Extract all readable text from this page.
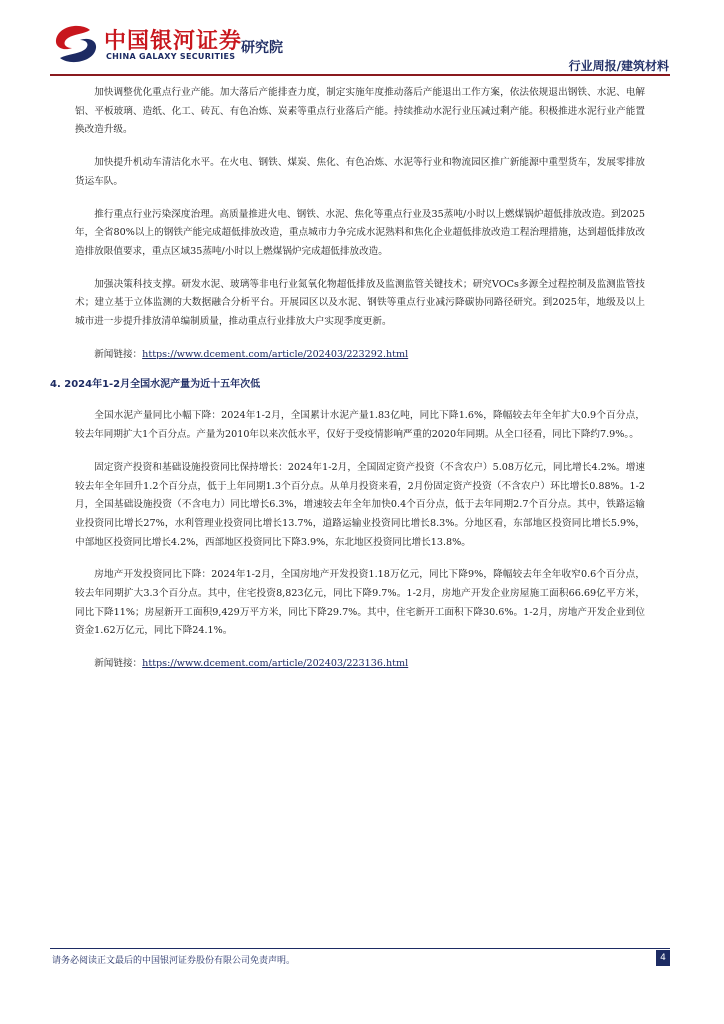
中国银河证券
CHINA GALAXY SECURITIES
研究院
行业周报/建筑材料

加快调整优化重点行业产能。加大落后产能排查力度，制定实施年度推动落后产能退出工作方案，依法依规退出钢铁、水泥、电解铝、平板玻璃、造纸、化工、砖瓦、有色冶炼、炭素等重点行业落后产能。持续推动水泥行业压减过剩产能。积极推进水泥行业产能置换改造升级。

加快提升机动车清洁化水平。在火电、钢铁、煤炭、焦化、有色冶炼、水泥等行业和物流园区推广新能源中重型货车，发展零排放货运车队。

推行重点行业污染深度治理。高质量推进火电、钢铁、水泥、焦化等重点行业及35蒸吨/小时以上燃煤锅炉超低排放改造。到2025年，全省80%以上的钢铁产能完成超低排放改造，重点城市力争完成水泥熟料和焦化企业超低排放改造工程治理措施，达到超低排放改造排放限值要求，重点区域35蒸吨/小时以上燃煤锅炉完成超低排放改造。

加强决策科技支撑。研发水泥、玻璃等非电行业氮氧化物超低排放及监测监管关键技术；研究VOCs多源全过程控制及监测监管技术；建立基于立体监测的大数据融合分析平台。开展园区以及水泥、钢铁等重点行业减污降碳协同路径研究。到2025年，地级及以上城市进一步提升排放清单编制质量，推动重点行业排放大户实现季度更新。

新闻链接：https://www.dcement.com/article/202403/223292.html

4. 2024年1-2月全国水泥产量为近十五年次低

全国水泥产量同比小幅下降：2024年1-2月，全国累计水泥产量1.83亿吨，同比下降1.6%，降幅较去年全年扩大0.9个百分点，较去年同期扩大1个百分点。产量为2010年以来次低水平，仅好于受疫情影响严重的2020年同期。从全口径看，同比下降约7.9%。。

固定资产投资和基础设施投资同比保持增长：2024年1-2月，全国固定资产投资（不含农户）5.08万亿元，同比增长4.2%。增速较去年全年回升1.2个百分点，低于上年同期1.3个百分点。从单月投资来看，2月份固定资产投资（不含农户）环比增长0.88%。1-2月，全国基础设施投资（不含电力）同比增长6.3%，增速较去年全年加快0.4个百分点，低于去年同期2.7个百分点。其中，铁路运输业投资同比增长27%，水利管理业投资同比增长13.7%，道路运输业投资同比增长8.3%。分地区看，东部地区投资同比增长5.9%，中部地区投资同比增长4.2%，西部地区投资同比下降3.9%，东北地区投资同比增长13.8%。

房地产开发投资同比下降：2024年1-2月，全国房地产开发投资1.18万亿元，同比下降9%，降幅较去年全年收窄0.6个百分点，较去年同期扩大3.3个百分点。其中，住宅投资8,823亿元，同比下降9.7%。1-2月，房地产开发企业房屋施工面积66.69亿平方米，同比下降11%；房屋新开工面积9,429万平方米，同比下降29.7%。其中，住宅新开工面积下降30.6%。1-2月，房地产开发企业到位资金1.62万亿元，同比下降24.1%。

新闻链接：https://www.dcement.com/article/202403/223136.html

请务必阅读正文最后的中国银河证券股份有限公司免责声明。	4
